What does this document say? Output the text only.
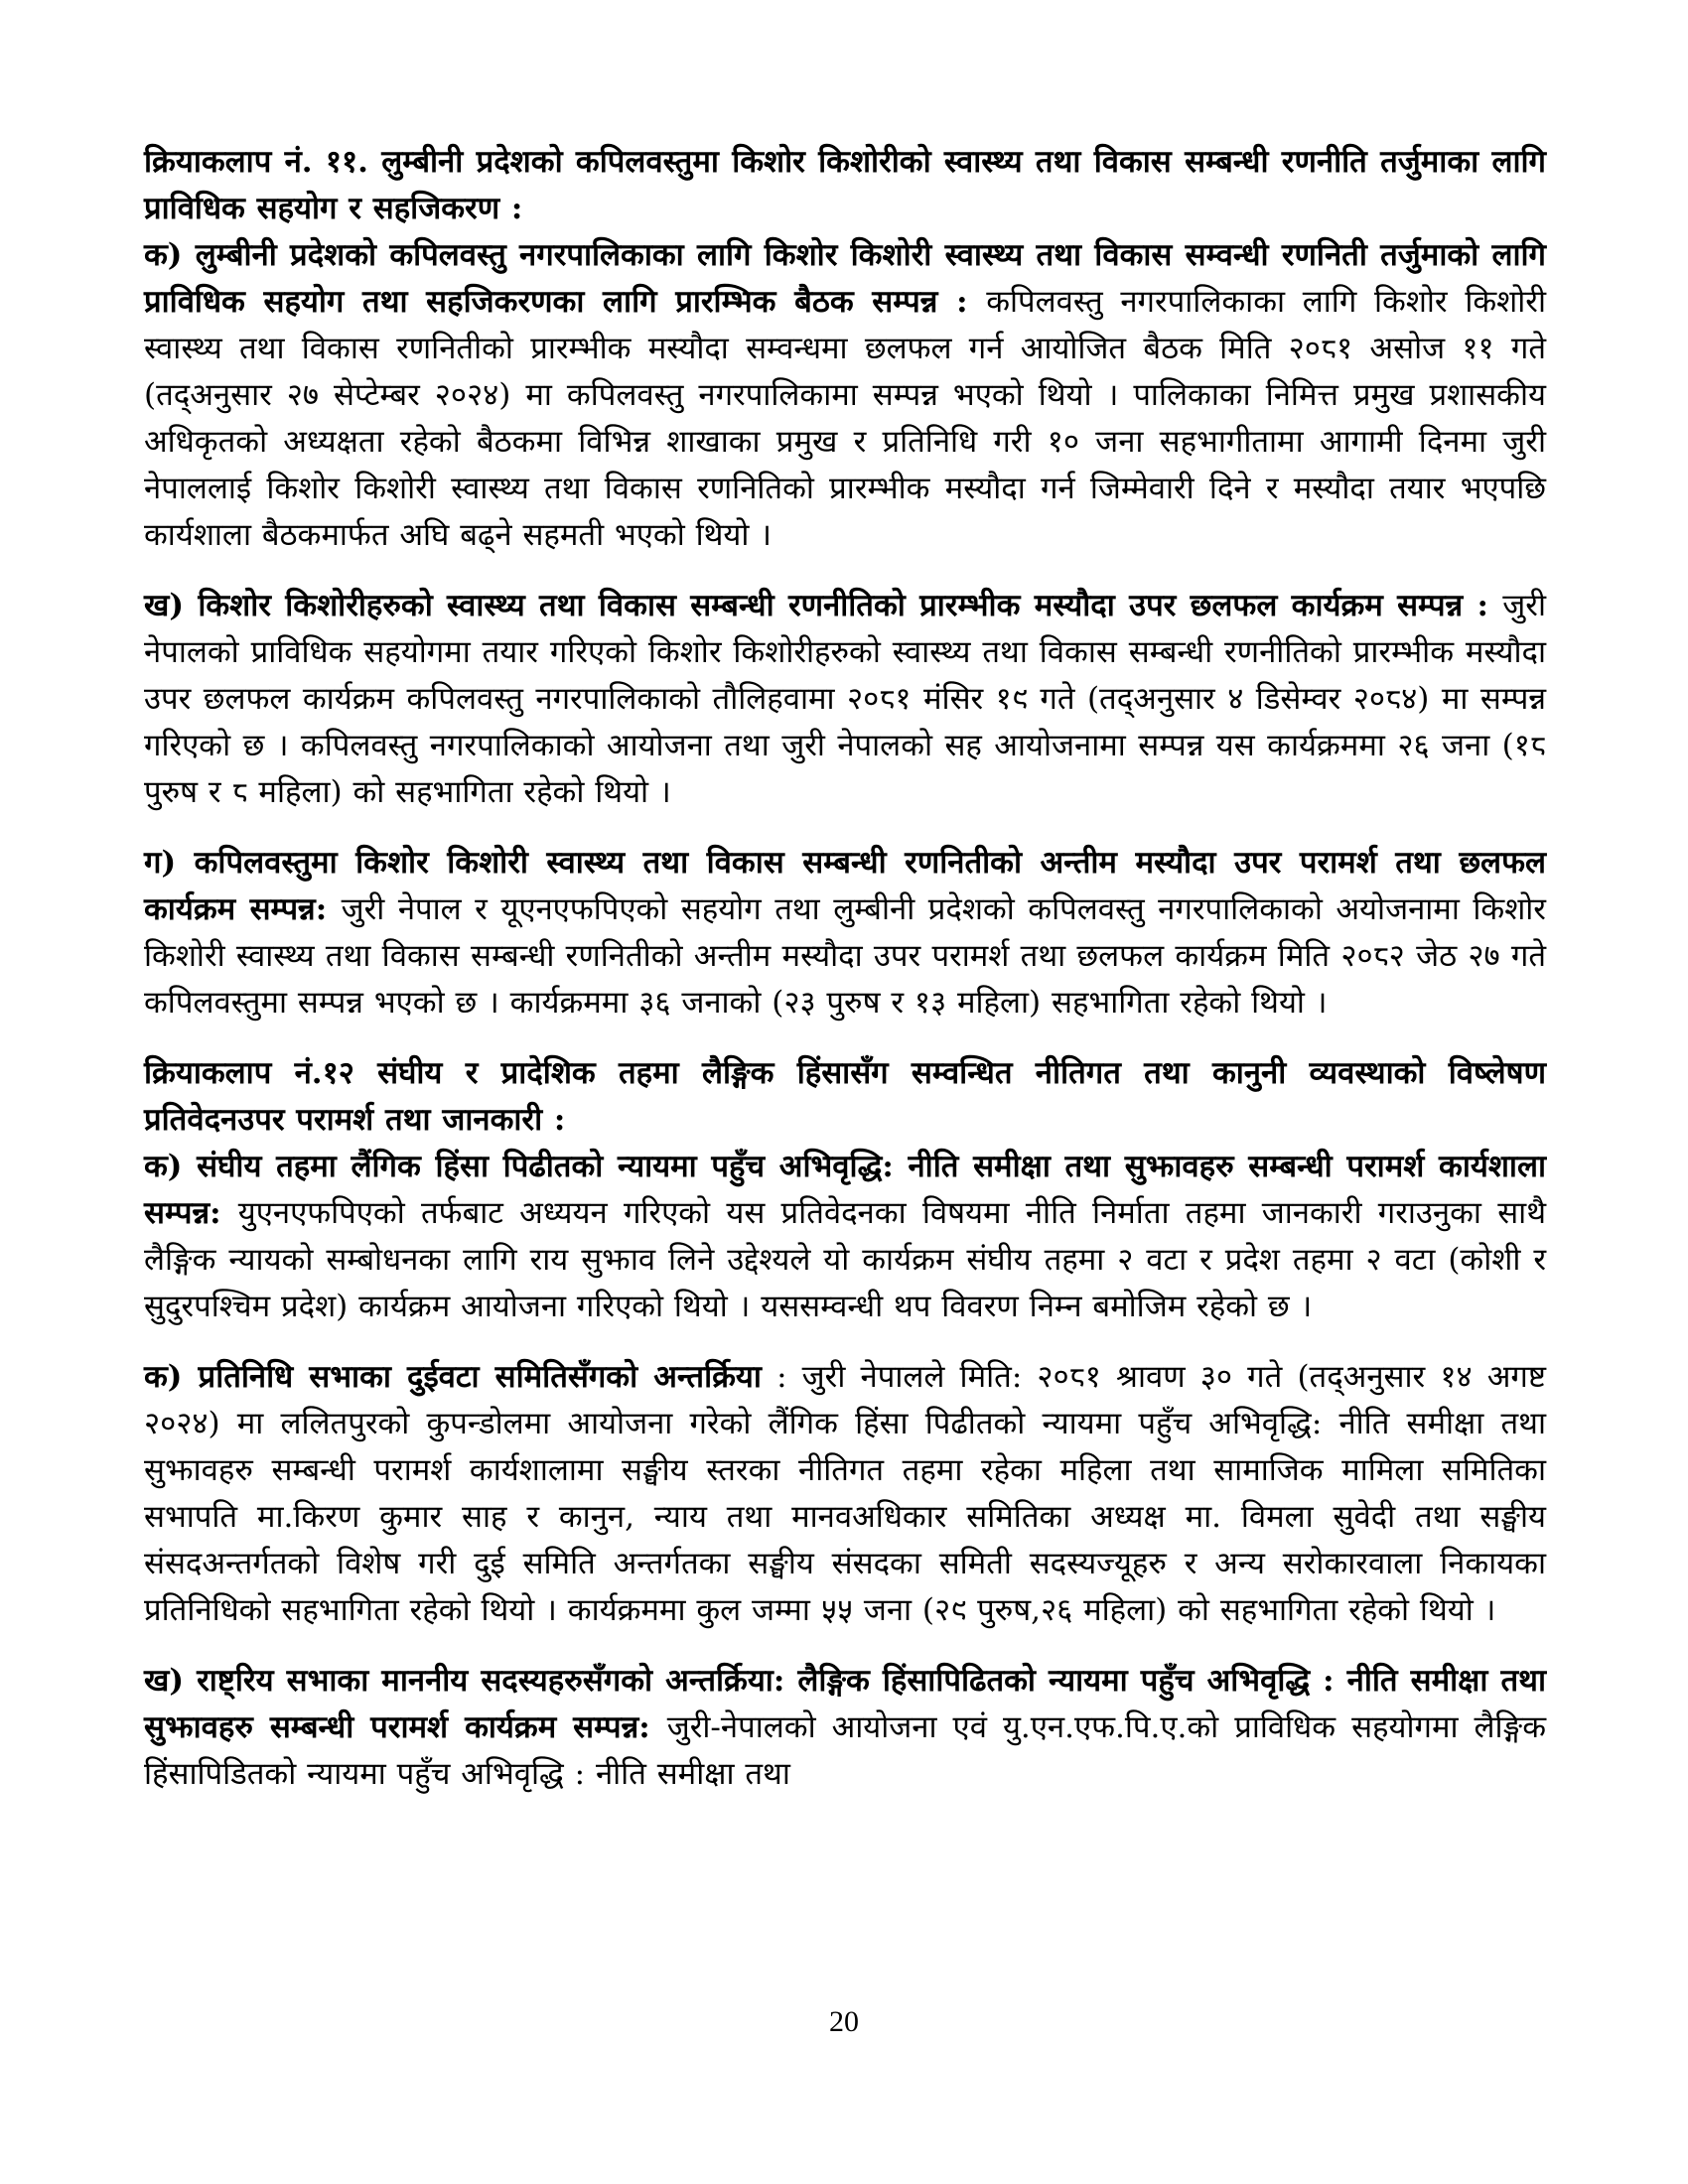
क्रियाकलाप नं. ११. लुम्बीनी प्रदेशको कपिलवस्तुमा किशोर किशोरीको स्वास्थ्य तथा विकास सम्बन्धी रणनीति तर्जुमाका लागि प्राविधिक सहयोग र सहजिकरण :

क) लुम्बीनी प्रदेशको कपिलवस्तु नगरपालिकाका लागि किशोर किशोरी स्वास्थ्य तथा विकास सम्वन्धी रणनिती तर्जुमाको लागि प्राविधिक सहयोग तथा सहजिकरणका लागि प्रारम्भिक बैठक सम्पन्न : कपिलवस्तु नगरपालिकाका लागि किशोर किशोरी स्वास्थ्य तथा विकास रणनितीको प्रारम्भीक मस्यौदा सम्वन्धमा छलफल गर्न आयोजित बैठक मिति २०८१ असोज ११ गते (तद्अनुसार २७ सेप्टेम्बर २०२४) मा कपिलवस्तु नगरपालिकामा सम्पन्न भएको थियो । पालिकाका निमित्त प्रमुख प्रशासकीय अधिकृतको अध्यक्षता रहेको बैठकमा विभिन्न शाखाका प्रमुख र प्रतिनिधि गरी १० जना सहभागीतामा आगामी दिनमा जुरी नेपाललाई किशोर किशोरी स्वास्थ्य तथा विकास रणनितिको प्रारम्भीक मस्यौदा गर्न जिम्मेवारी दिने र मस्यौदा तयार भएपछि कार्यशाला बैठकमार्फत अघि बढ्ने सहमती भएको थियो ।

ख) किशोर किशोरीहरुको स्वास्थ्य तथा विकास सम्बन्धी रणनीतिको प्रारम्भीक मस्यौदा उपर छलफल कार्यक्रम सम्पन्न : जुरी नेपालको प्राविधिक सहयोगमा तयार गरिएको किशोर किशोरीहरुको स्वास्थ्य तथा विकास सम्बन्धी रणनीतिको प्रारम्भीक मस्यौदा उपर छलफल कार्यक्रम कपिलवस्तु नगरपालिकाको तौलिहवामा २०८१ मंसिर १९ गते (तद्अनुसार ४ डिसेम्वर २०८४) मा सम्पन्न गरिएको छ । कपिलवस्तु नगरपालिकाको आयोजना तथा जुरी नेपालको सह आयोजनामा सम्पन्न यस कार्यक्रममा २६ जना (१८ पुरुष र ८ महिला) को सहभागिता रहेको थियो ।

ग) कपिलवस्तुमा किशोर किशोरी स्वास्थ्य तथा विकास सम्बन्धी रणनितीको अन्तीम मस्यौदा उपर परामर्श तथा छलफल कार्यक्रम सम्पन्न: जुरी नेपाल र यूएनएफपिएको सहयोग तथा लुम्बीनी प्रदेशको कपिलवस्तु नगरपालिकाको अयोजनामा किशोर किशोरी स्वास्थ्य तथा विकास सम्बन्धी रणनितीको अन्तीम मस्यौदा उपर परामर्श तथा छलफल कार्यक्रम मिति २०८२ जेठ २७ गते कपिलवस्तुमा सम्पन्न भएको छ । कार्यक्रममा ३६ जनाको (२३ पुरुष र १३ महिला) सहभागिता रहेको थियो ।

क्रियाकलाप नं.१२ संघीय र प्रादेशिक तहमा लैङ्गिक हिंसासँग सम्वन्धित नीतिगत तथा कानुनी व्यवस्थाको विष्लेषण प्रतिवेदनउपर परामर्श तथा जानकारी :

क) संघीय तहमा लैंगिक हिंसा पिढीतको न्यायमा पहुँच अभिवृद्धि: नीति समीक्षा तथा सुझावहरु सम्बन्धी परामर्श कार्यशाला सम्पन्न: युएनएफपिएको तर्फबाट अध्ययन गरिएको यस प्रतिवेदनका विषयमा नीति निर्माता तहमा जानकारी गराउनुका साथै लैङ्गिक न्यायको सम्बोधनका लागि राय सुझाव लिने उद्देश्यले यो कार्यक्रम संघीय तहमा २ वटा र प्रदेश तहमा २ वटा (कोशी र सुदुरपश्चिम प्रदेश) कार्यक्रम आयोजना गरिएको थियो । यससम्वन्धी थप विवरण निम्न बमोजिम रहेको छ ।

क) प्रतिनिधि सभाका दुईवटा समितिसँगको अन्तर्क्रिया : जुरी नेपालले मिति: २०८१ श्रावण ३० गते (तद्अनुसार १४ अगष्ट २०२४) मा ललितपुरको कुपन्डोलमा आयोजना गरेको लैंगिक हिंसा पिढीतको न्यायमा पहुँच अभिवृद्धि: नीति समीक्षा तथा सुझावहरु सम्बन्धी परामर्श कार्यशालामा सङ्घीय स्तरका नीतिगत तहमा रहेका महिला तथा सामाजिक मामिला समितिका सभापति मा.किरण कुमार साह र कानुन, न्याय तथा मानवअधिकार समितिका अध्यक्ष मा. विमला सुवेदी तथा सङ्घीय संसदअन्तर्गतको विशेष गरी दुई समिति अन्तर्गतका सङ्घीय संसदका समिती सदस्यज्यूहरु र अन्य सरोकारवाला निकायका प्रतिनिधिको सहभागिता रहेको थियो । कार्यक्रममा कुल जम्मा ५५ जना (२९ पुरुष,२६ महिला) को सहभागिता रहेको थियो ।

ख) राष्ट्रिय सभाका माननीय सदस्यहरुसँगको अन्तर्क्रिया: लैङ्गिक हिंसापिढितको न्यायमा पहुँच अभिवृद्धि : नीति समीक्षा तथा सुझावहरु सम्बन्धी परामर्श कार्यक्रम सम्पन्न: जुरी-नेपालको आयोजना एवं यु.एन.एफ.पि.ए.को प्राविधिक सहयोगमा लैङ्गिक हिंसापिडितको न्यायमा पहुँच अभिवृद्धि : नीति समीक्षा तथा

20
